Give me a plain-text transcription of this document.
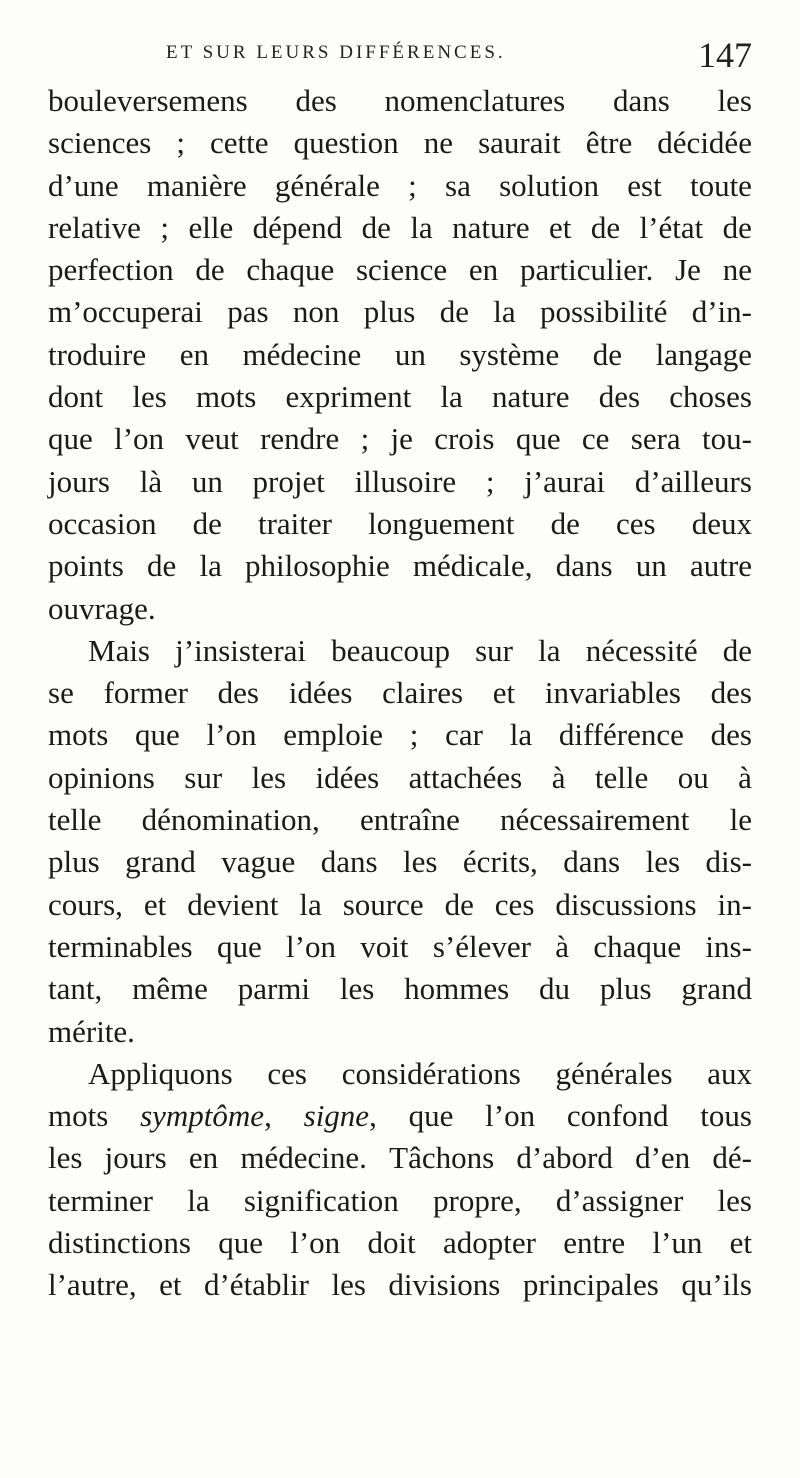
ET SUR LEURS DIFFÉRENCES.	147
bouleversemens des nomenclatures dans les
sciences ; cette question ne saurait être décidée
d’une manière générale ; sa solution est toute
relative ; elle dépend de la nature et de l’état de
perfection de chaque science en particulier. Je ne
m’occuperai pas non plus de la possibilité d’in-
troduire en médecine un système de langage
dont les mots expriment la nature des choses
que l’on veut rendre ; je crois que ce sera tou-
jours là un projet illusoire ; j’aurai d’ailleurs
occasion de traiter longuement de ces deux
points de la philosophie médicale, dans un autre
ouvrage.
Mais j’insisterai beaucoup sur la nécessité de
se former des idées claires et invariables des
mots que l’on emploie ; car la différence des
opinions sur les idées attachées à telle ou à
telle dénomination, entraîne nécessairement le
plus grand vague dans les écrits, dans les dis-
cours, et devient la source de ces discussions in-
terminables que l’on voit s’élever à chaque ins-
tant, même parmi les hommes du plus grand
mérite.
Appliquons ces considérations générales aux
mots symptôme, signe, que l’on confond tous
les jours en médecine. Tâchons d’abord d’en dé-
terminer la signification propre, d’assigner les
distinctions que l’on doit adopter entre l’un et
l’autre, et d’établir les divisions principales qu’ils
